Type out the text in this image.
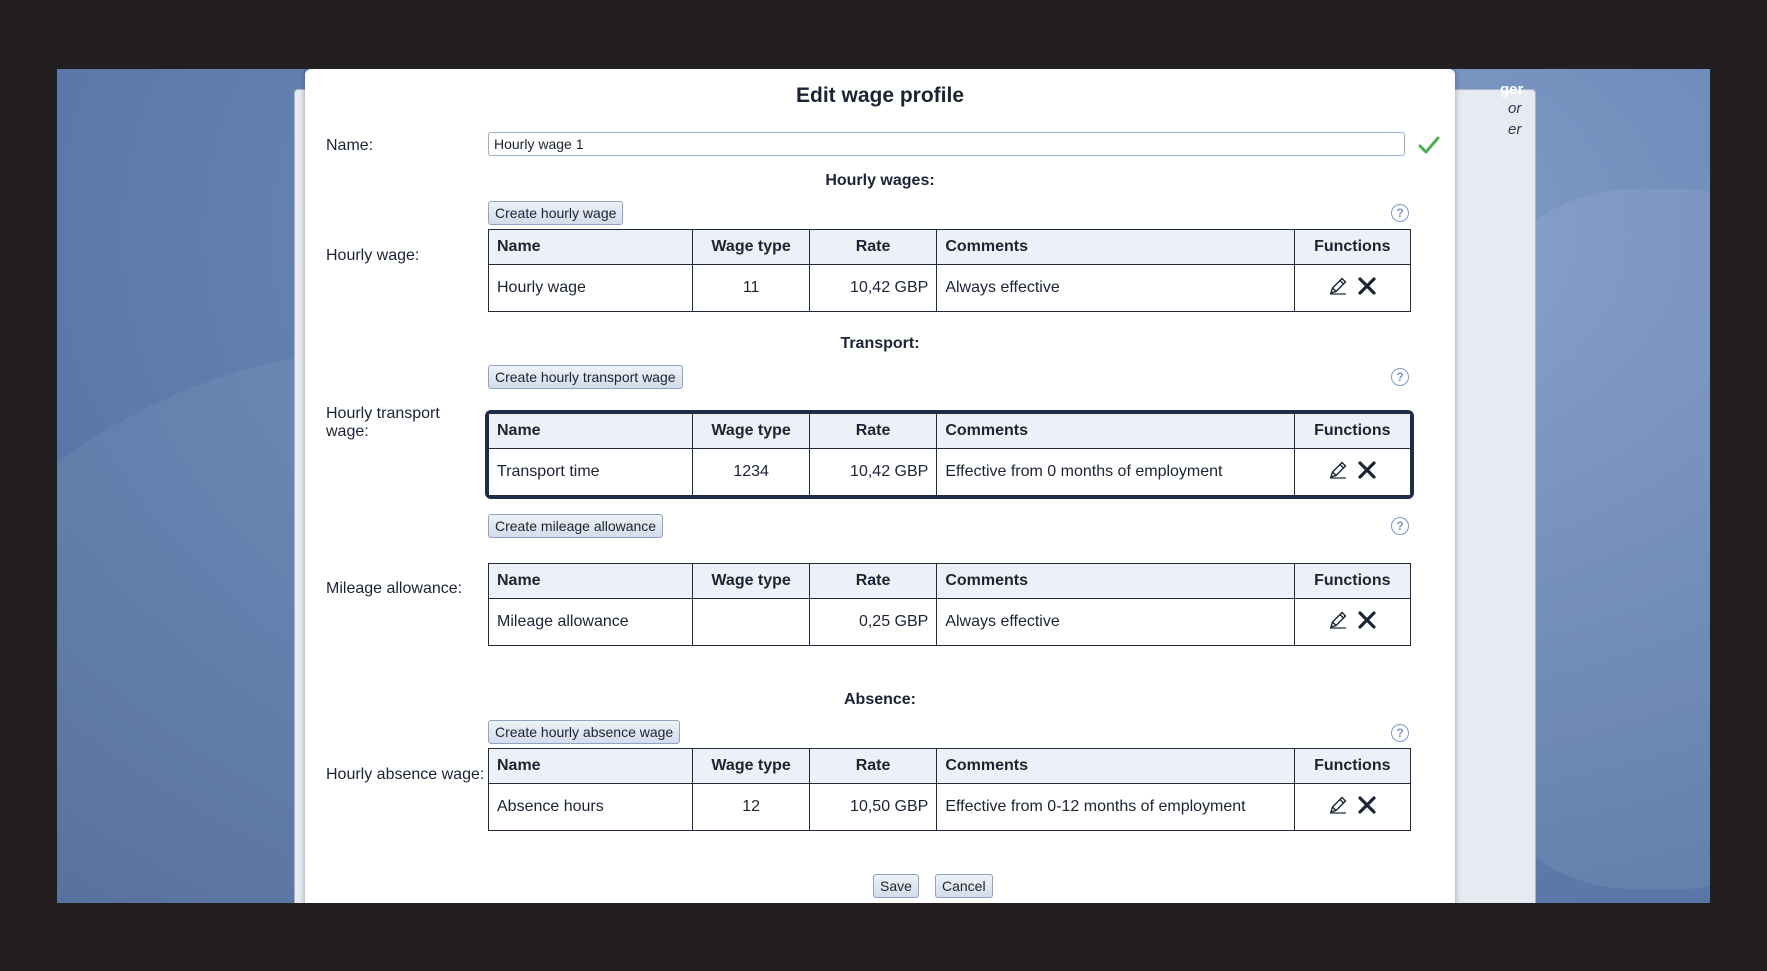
ger
or
er
Edit wage profile
Name:
Hourly wage 1
Hourly wages:
Create hourly wage	?
Hourly wage:
Name	Wage type	Rate	Comments	Functions
Hourly wage	11	10,42 GBP	Always effective	
Transport:
Create hourly transport wage	?
Hourly transport wage:	Name	Wage type	Rate	Comments	Functions
Transport time	1234	10,42 GBP	Effective from 0 months of employment	
Create mileage allowance	?
Mileage allowance: Name	Wage type	Rate	Comments	Functions
Mileage allowance		0,25 GBP	Always effective	
Absence:
Create hourly absence wage	?
Hourly absence wage:
Name	Wage type	Rate	Comments	Functions
Absence hours	12	10,50 GBP	Effective from 0-12 months of employment	
Save	Cancel
